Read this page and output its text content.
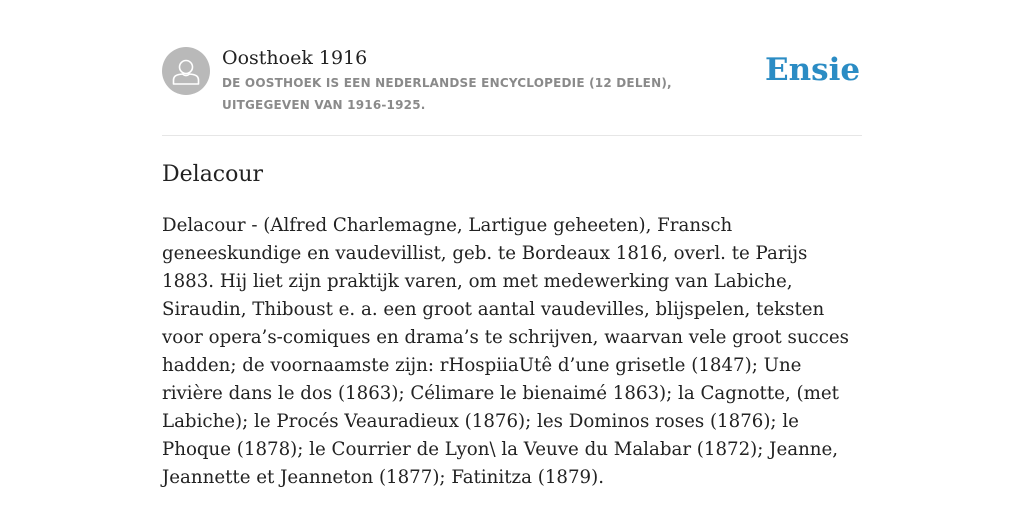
Oosthoek 1916
DE OOSTHOEK IS EEN NEDERLANDSE ENCYCLOPEDIE (12 DELEN), UITGEGEVEN VAN 1916-1925.
Ensie
Delacour

Delacour - (Alfred Charlemagne, Lartigue geheeten), Fransch geneeskundige en vaudevillist, geb. te Bordeaux 1816, overl. te Parijs 1883. Hij liet zijn praktijk varen, om met medewerking van Labiche, Siraudin, Thiboust e. a. een groot aantal vaudevilles, blijspelen, teksten voor opera’s-comiques en drama’s te schrijven, waarvan vele groot succes hadden; de voornaamste zijn: rHospiiaUtê d’une grisetle (1847); Une rivière dans le dos (1863); Célimare le bienaimé 1863); la Cagnotte, (met Labiche); le Procés Veauradieux (1876); les Dominos roses (1876); le Phoque (1878); le Courrier de Lyon\ la Veuve du Malabar (1872); Jeanne, Jeannette et Jeanneton (1877); Fatinitza (1879).
